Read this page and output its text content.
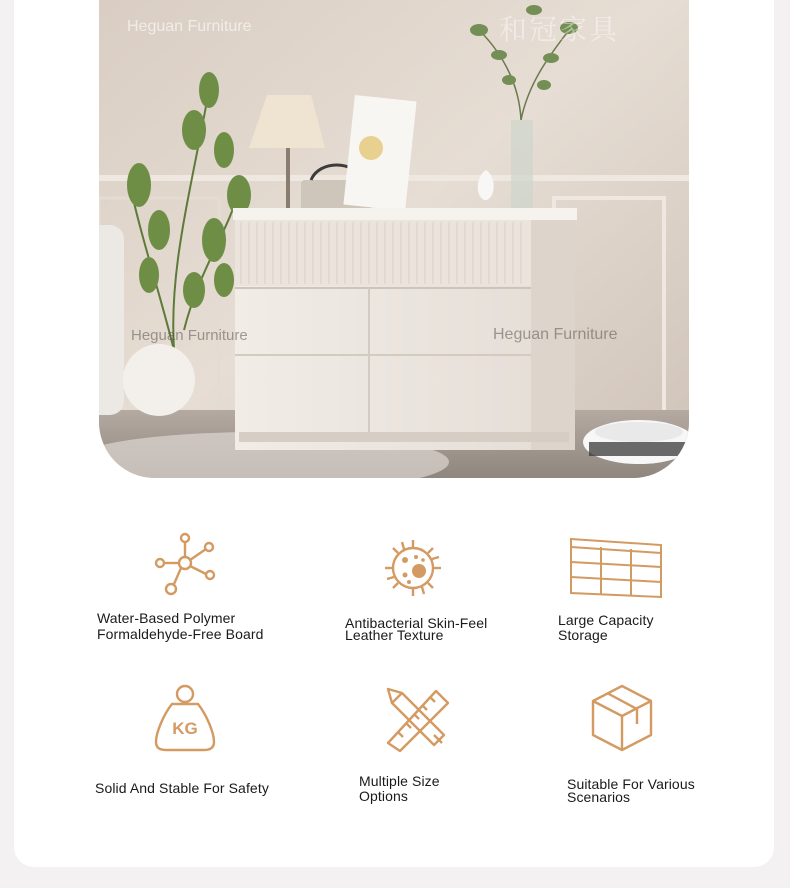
Heguan Furniture	和冠家具
Heguan Furniture	Heguan Furniture
Water-Based Polymer
Formaldehyde-Free Board
Antibacterial Skin-Feel
Leather Texture
Large Capacity
Storage
KG
Solid And Stable For Safety	Multiple Size
Options
Suitable For Various
Scenarios
